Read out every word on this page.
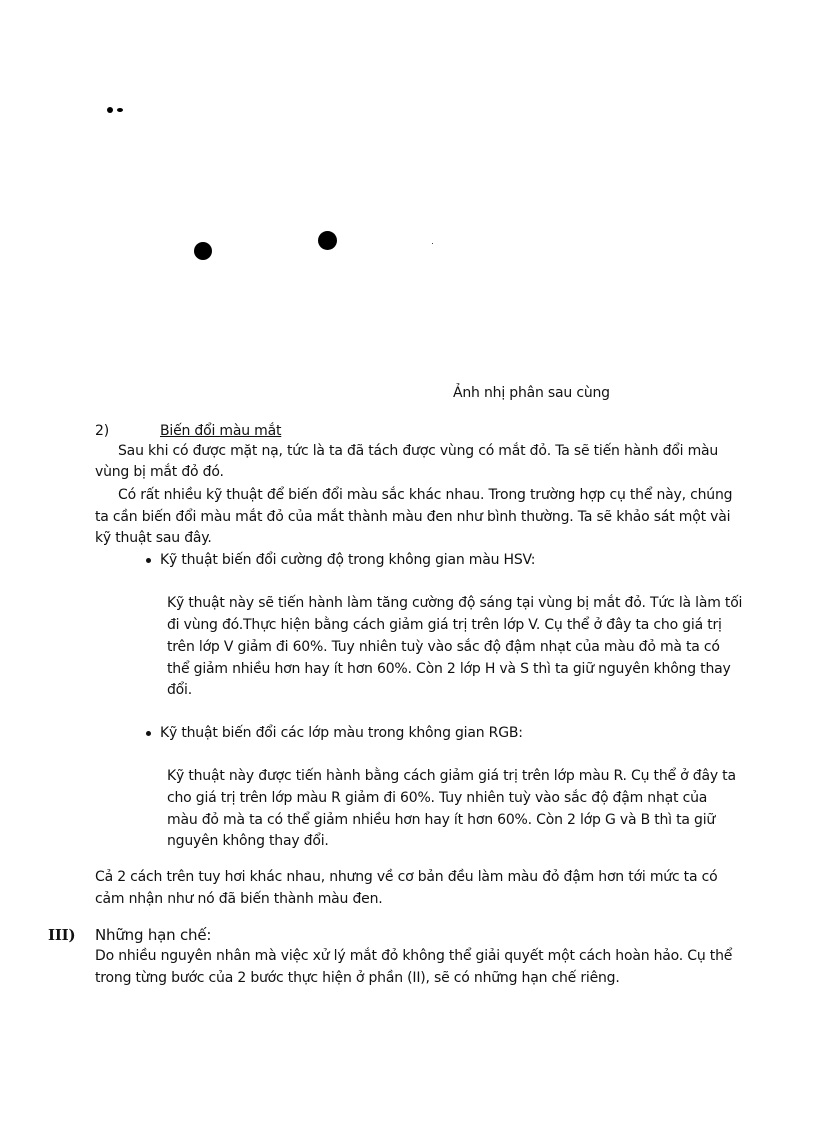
Ảnh nhị phân sau cùng
2)	Biến đổi màu mắt
Sau khi có được mặt nạ, tức là ta đã tách được vùng có mắt đỏ. Ta sẽ tiến hành đổi màu
vùng bị mắt đỏ đó.
Có rất nhiều kỹ thuật để biến đổi màu sắc khác nhau. Trong trường hợp cụ thể này, chúng
ta cần biến đổi màu mắt đỏ của mắt thành màu đen như bình thường. Ta sẽ khảo sát một vài
kỹ thuật sau đây.
Kỹ thuật biến đổi cường độ trong không gian màu HSV:
Kỹ thuật này sẽ tiến hành làm tăng cường độ sáng tại vùng bị mắt đỏ. Tức là làm tối
đi vùng đó.Thực hiện bằng cách giảm giá trị trên lớp V. Cụ thể ở đây ta cho giá trị
trên lớp V giảm đi 60%. Tuy nhiên tuỳ vào sắc độ đậm nhạt của màu đỏ mà ta có
thể giảm nhiều hơn hay ít hơn 60%. Còn 2 lớp H và S thì ta giữ nguyên không thay
đổi.
Kỹ thuật biến đổi các lớp màu trong không gian RGB:
Kỹ thuật này được tiến hành bằng cách giảm giá trị trên lớp màu R. Cụ thể ở đây ta
cho giá trị trên lớp màu R giảm đi 60%. Tuy nhiên tuỳ vào sắc độ đậm nhạt của
màu đỏ mà ta có thể giảm nhiều hơn hay ít hơn 60%. Còn 2 lớp G và B thì ta giữ
nguyên không thay đổi.
Cả 2 cách trên tuy hơi khác nhau, nhưng về cơ bản đều làm màu đỏ đậm hơn tới mức ta có
cảm nhận như nó đã biến thành màu đen.
III) Những hạn chế:
Do nhiều nguyên nhân mà việc xử lý mắt đỏ không thể giải quyết một cách hoàn hảo. Cụ thể
trong từng bước của 2 bước thực hiện ở phần (II), sẽ có những hạn chế riêng.
